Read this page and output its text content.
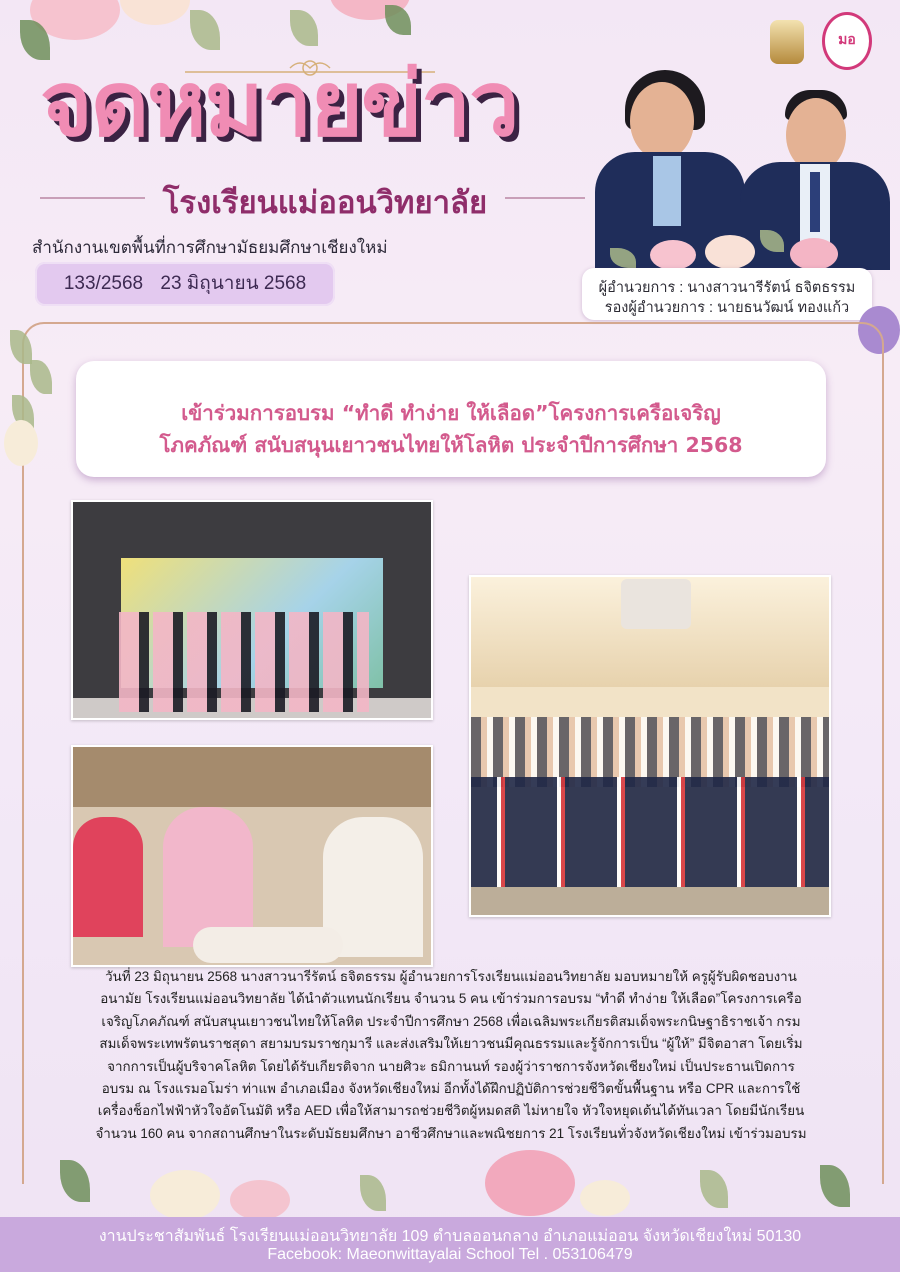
จดหมายข่าว
โรงเรียนแม่ออนวิทยาลัย
สำนักงานเขตพื้นที่การศึกษามัธยมศึกษาเชียงใหม่
133/2568 23 มิถุนายน 2568
มอ
ผู้อำนวยการ : นางสาวนารีรัตน์ ธจิตธรรม
รองผู้อำนวยการ : นายธนวัฒน์ ทองแก้ว
เข้าร่วมการอบรม “ทำดี ทำง่าย ให้เลือด”โครงการเครือเจริญ
โภคภัณฑ์ สนับสนุนเยาวชนไทยให้โลหิต ประจำปีการศึกษา 2568
วันที่ 23 มิถุนายน 2568 นางสาวนารีรัตน์ ธจิตธรรม ผู้อำนวยการโรงเรียนแม่ออนวิทยาลัย มอบหมายให้ ครูผู้รับผิดชอบงาน
อนามัย โรงเรียนแม่ออนวิทยาลัย ได้นำตัวแทนนักเรียน จำนวน 5 คน เข้าร่วมการอบรม “ทำดี ทำง่าย ให้เลือด”โครงการเครือ
เจริญโภคภัณฑ์ สนับสนุนเยาวชนไทยให้โลหิต ประจำปีการศึกษา 2568 เพื่อเฉลิมพระเกียรติสมเด็จพระกนิษฐาธิราชเจ้า กรม
สมเด็จพระเทพรัตนราชสุดา สยามบรมราชกุมารี และส่งเสริมให้เยาวชนมีคุณธรรมและรู้จักการเป็น “ผู้ให้” มีจิตอาสา โดยเริ่ม
จากการเป็นผู้บริจาคโลหิต โดยได้รับเกียรติจาก นายศิวะ ธมิกานนท์ รองผู้ว่าราชการจังหวัดเชียงใหม่ เป็นประธานเปิดการ
อบรม ณ โรงแรมอโมร่า ท่าแพ อำเภอเมือง จังหวัดเชียงใหม่ อีกทั้งได้ฝึกปฏิบัติการช่วยชีวิตขั้นพื้นฐาน หรือ CPR และการใช้
เครื่องช็อกไฟฟ้าหัวใจอัตโนมัติ หรือ AED เพื่อให้สามารถช่วยชีวิตผู้หมดสติ ไม่หายใจ หัวใจหยุดเต้นได้ทันเวลา โดยมีนักเรียน
จำนวน 160 คน จากสถานศึกษาในระดับมัธยมศึกษา อาชีวศึกษาและพณิชยการ 21 โรงเรียนทั่วจังหวัดเชียงใหม่ เข้าร่วมอบรม
งานประชาสัมพันธ์ โรงเรียนแม่ออนวิทยาลัย 109 ตำบลออนกลาง อำเภอแม่ออน จังหวัดเชียงใหม่ 50130
Facebook: Maeonwittayalai School Tel . 053106479
